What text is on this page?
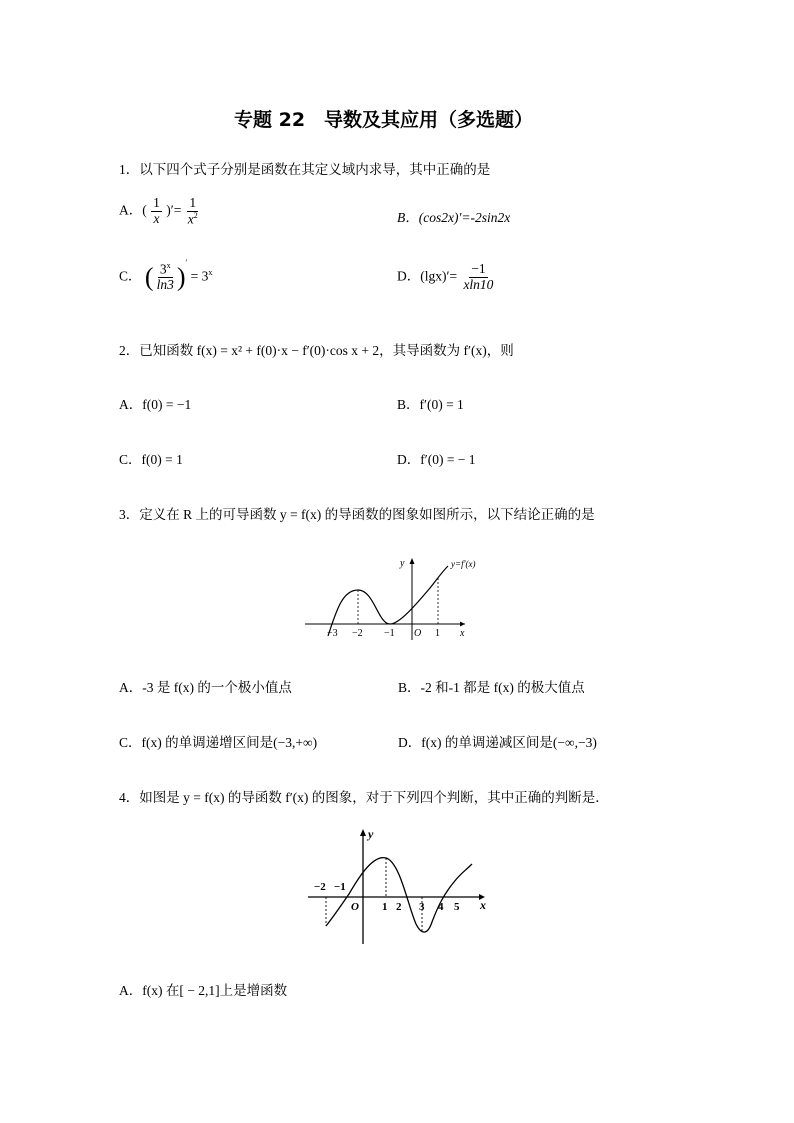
专题 22　导数及其应用（多选题）
1．以下四个式子分别是函数在其定义域内求导，其中正确的是
A．( $\frac{1}{x}$ )′= $\frac{1}{x^2}$	B．(cos2x)′=-2sin2x
C． ( $\frac{3^x}{\ln 3} )' = 3^x$	D．$(\lg x)'= \frac{-1}{xln10}$
2．已知函数 f(x) = x² + f(0)·x − f′(0)·cos x + 2，其导函数为 f′(x)，则
A．f(0) = −1	B．f′(0) = 1
C．f(0) = 1	D．f′(0) = − 1
3．定义在 R 上的可导函数 y = f(x) 的导函数的图象如图所示，以下结论正确的是
y	y=f′(x)
x
O
−3 −2 −1	1
A．-3 是 f(x) 的一个极小值点	B．-2 和-1 都是 f(x) 的极大值点
C．f(x) 的单调递增区间是(−3,+∞)	D．f(x) 的单调递减区间是(−∞,−3)
4．如图是 y = f(x) 的导函数 f′(x) 的图象，对于下列四个判断，其中正确的判断是．
y
x
O
−2 −1
1 2 3 4 5
A．f(x) 在[ − 2,1]上是增函数
